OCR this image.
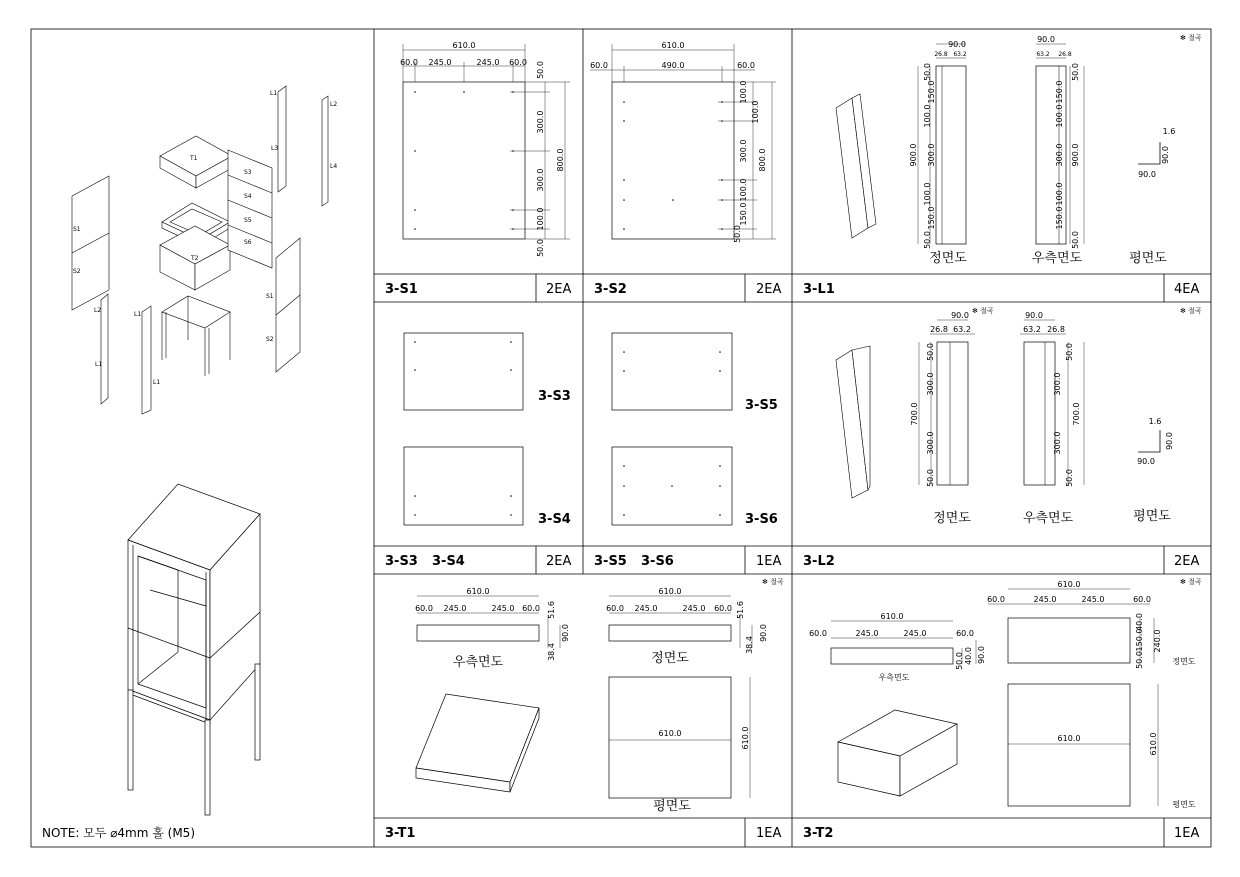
L1
L2
L3
L4
T1
T2
S3
S4
S5
S6
S1
S2
S1
S2
L2
L1
L1
L1
NOTE: 모두 ⌀4mm 홀 (M5)
610.0
60.0 245.0	245.0 60.0 50.0
300.0
300.0
100.0
50.0
800.0
3-S1	2EA
610.0
60.0	490.0	60.0
100.0
100.0
300.0
100.0
150.0
50.0
800.0
3-S2	2EA
✻ 절곡
26.8 63.2
90.0
900.0
50.0
150.0
100.0
300.0
100.0
150.0
50.0
정면도
90.0
63.2 26.8
50.0
150.0
100.0
300.0
100.0
150.0
50.0
900.0
우측면도
1.6
90.0
90.0
평면도
3-L1	4EA
3-S3
3-S4
3-S3 3-S4	2EA
3-S5
3-S6
3-S5 3-S6	1EA
✻ 절곡
✻ 절곡
90.0
26.8 63.2
700.0
50.0
300.0
300.0
50.0
정면도
90.0
63.2 26.8
50.0
300.0
300.0
50.0
700.0
우측면도
1.6
90.0
90.0
평면도
3-L2	2EA
✻ 절곡
610.0
60.0 245.0	245.0 60.0 51.6
38.4
90.0
우측면도
610.0
60.0 245.0	245.0 60.0 51.6
38.4
90.0
정면도
610.0	610.0
평면도
3-T1	1EA
✻ 절곡
610.0
60.0	245.0	245.0	60.0
50.0 40.0 90.0
우측면도
610.0
60.0	245.0	245.0	60.0
40.0
150.0
50.0
240.0
정면도
610.0	610.0
평면도
3-T2	1EA
